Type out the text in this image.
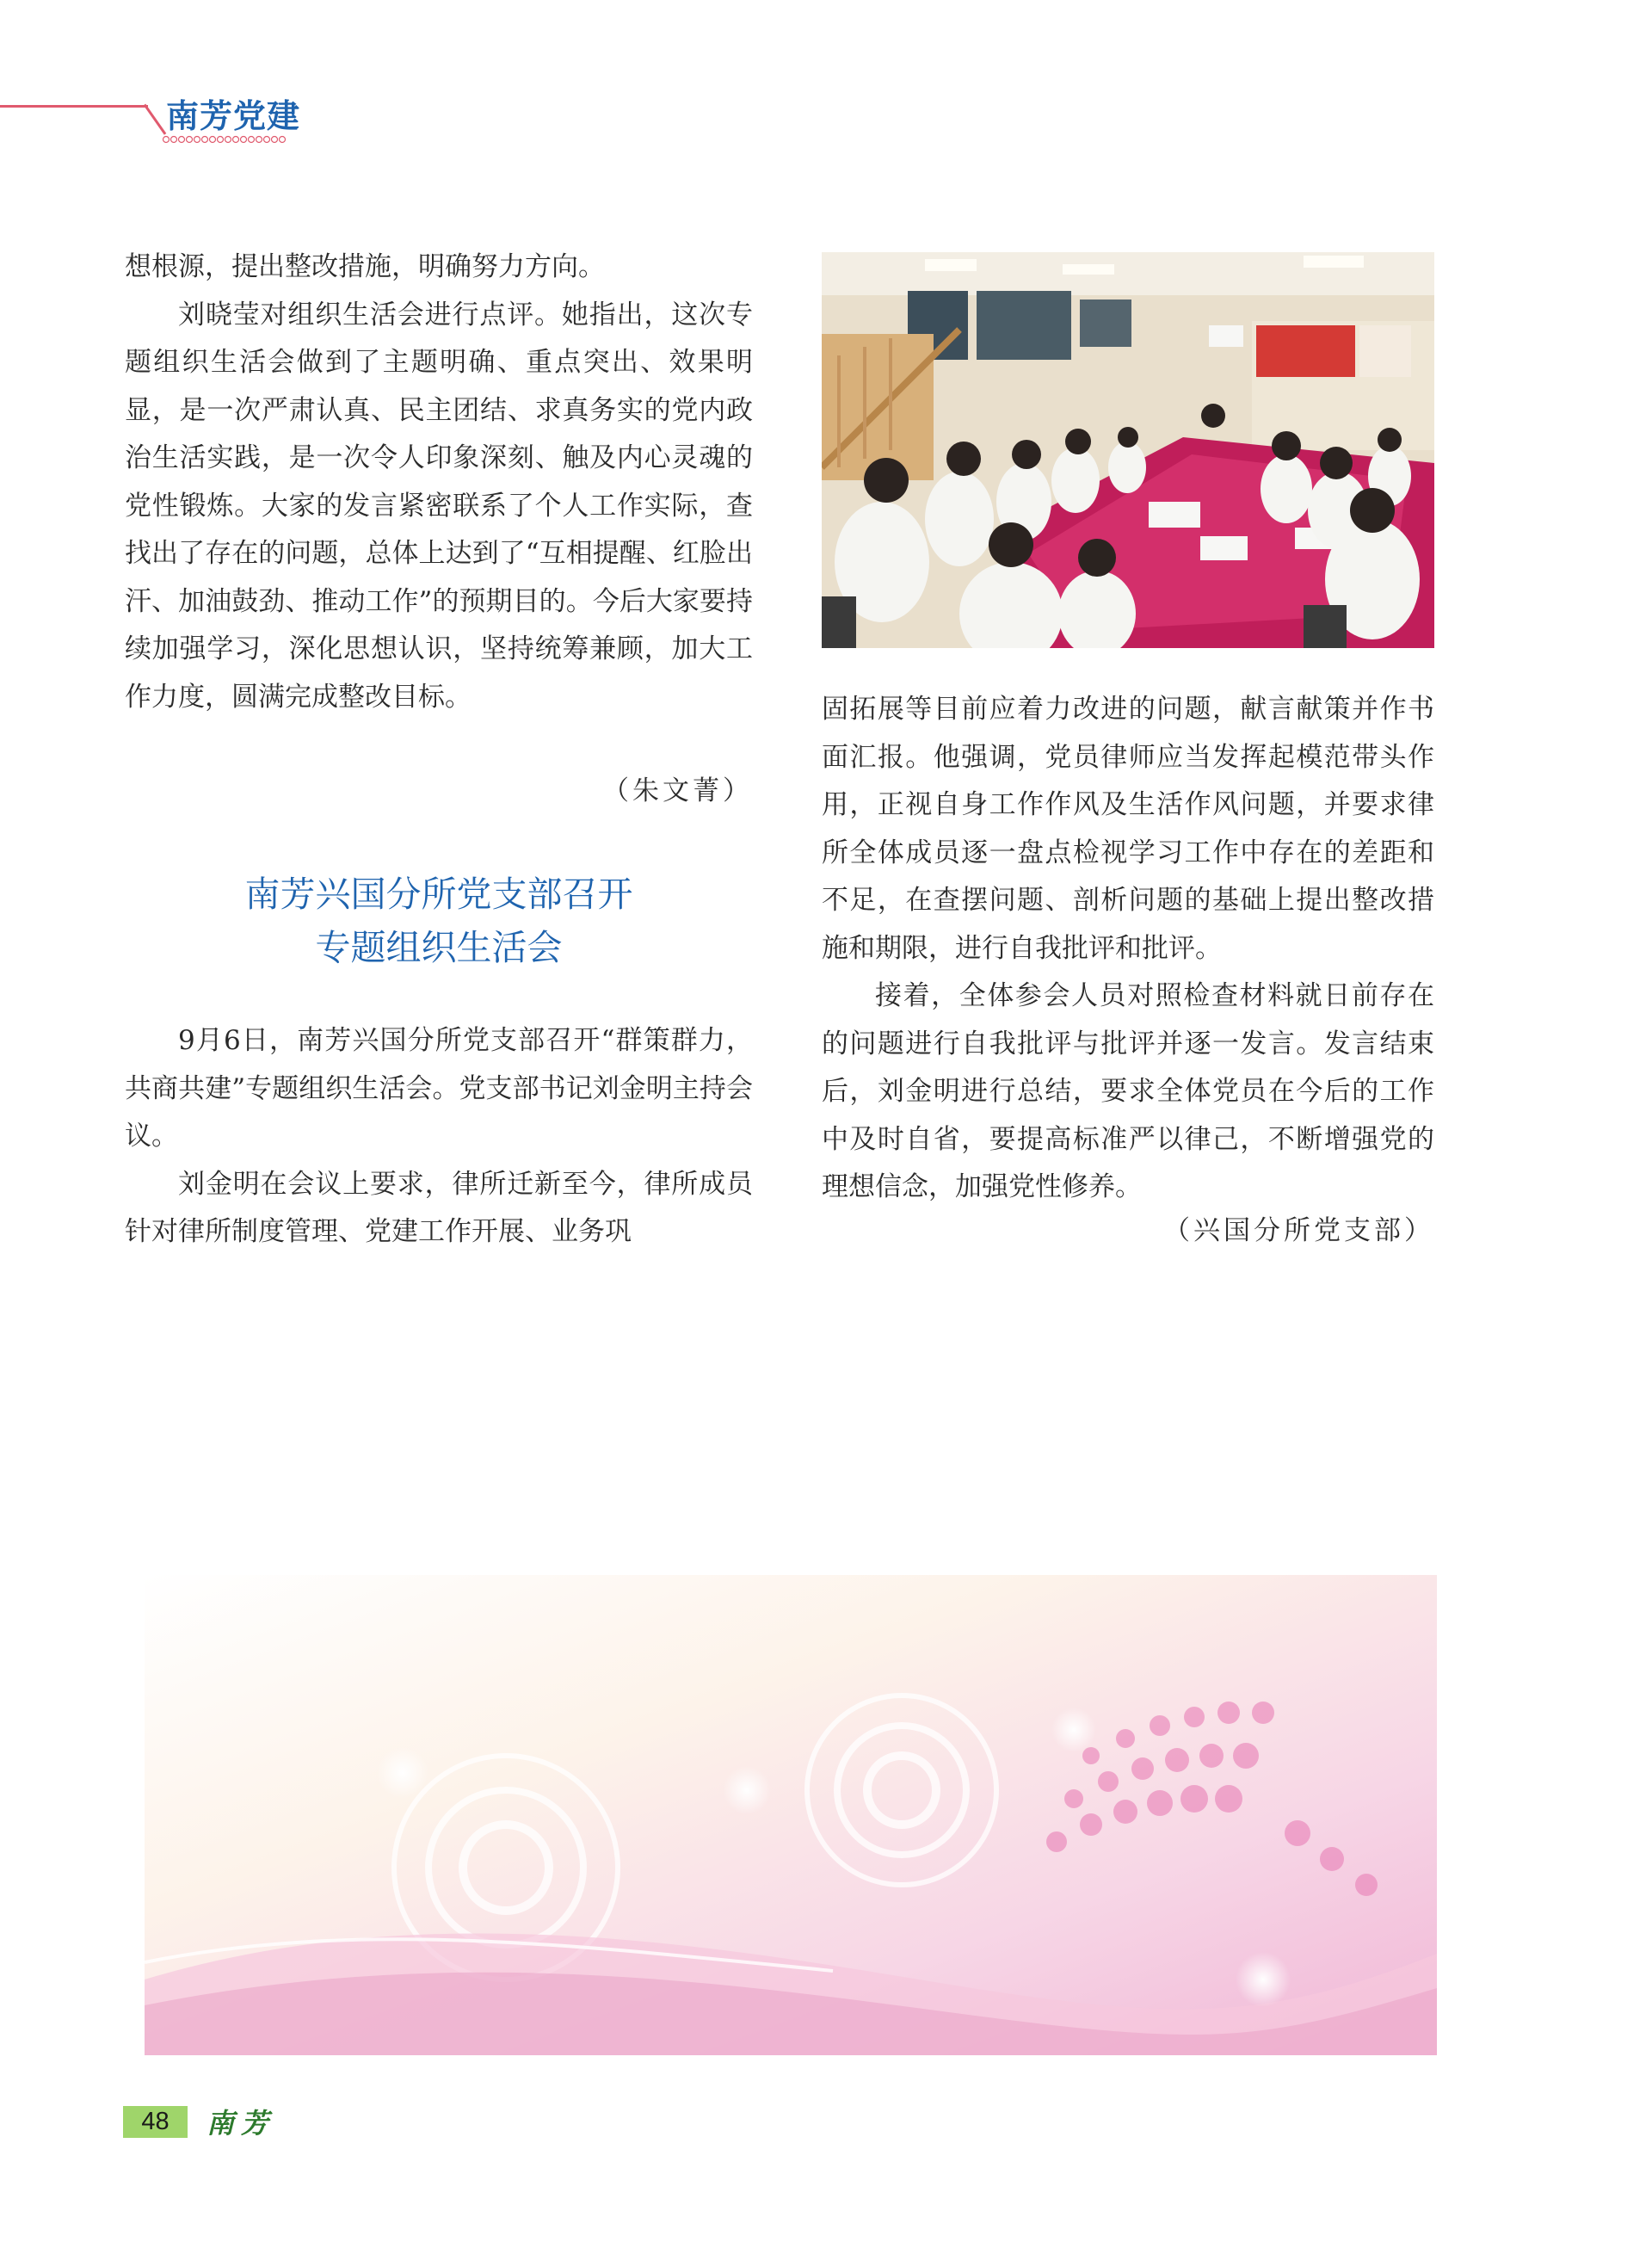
南芳党建

想根源，提出整改措施，明确努力方向。

刘晓莹对组织生活会进行点评。她指出，这次专题组织生活会做到了主题明确、重点突出、效果明显，是一次严肃认真、民主团结、求真务实的党内政治生活实践，是一次令人印象深刻、触及内心灵魂的党性锻炼。大家的发言紧密联系了个人工作实际，查找出了存在的问题，总体上达到了“互相提醒、红脸出汗、加油鼓劲、推动工作”的预期目的。今后大家要持续加强学习，深化思想认识，坚持统筹兼顾，加大工作力度，圆满完成整改目标。

（朱文菁）
南芳兴国分所党支部召开
专题组织生活会

9月6日，南芳兴国分所党支部召开“群策群力，共商共建”专题组织生活会。党支部书记刘金明主持会议。

刘金明在会议上要求，律所迁新至今，律所成员针对律所制度管理、党建工作开展、业务巩

固拓展等目前应着力改进的问题，献言献策并作书面汇报。他强调，党员律师应当发挥起模范带头作用，正视自身工作作风及生活作风问题，并要求律所全体成员逐一盘点检视学习工作中存在的差距和不足，在查摆问题、剖析问题的基础上提出整改措施和期限，进行自我批评和批评。

接着，全体参会人员对照检查材料就日前存在的问题进行自我批评与批评并逐一发言。发言结束后，刘金明进行总结，要求全体党员在今后的工作中及时自省，要提高标准严以律己，不断增强党的理想信念，加强党性修养。

（兴国分所党支部）
48	南芳
